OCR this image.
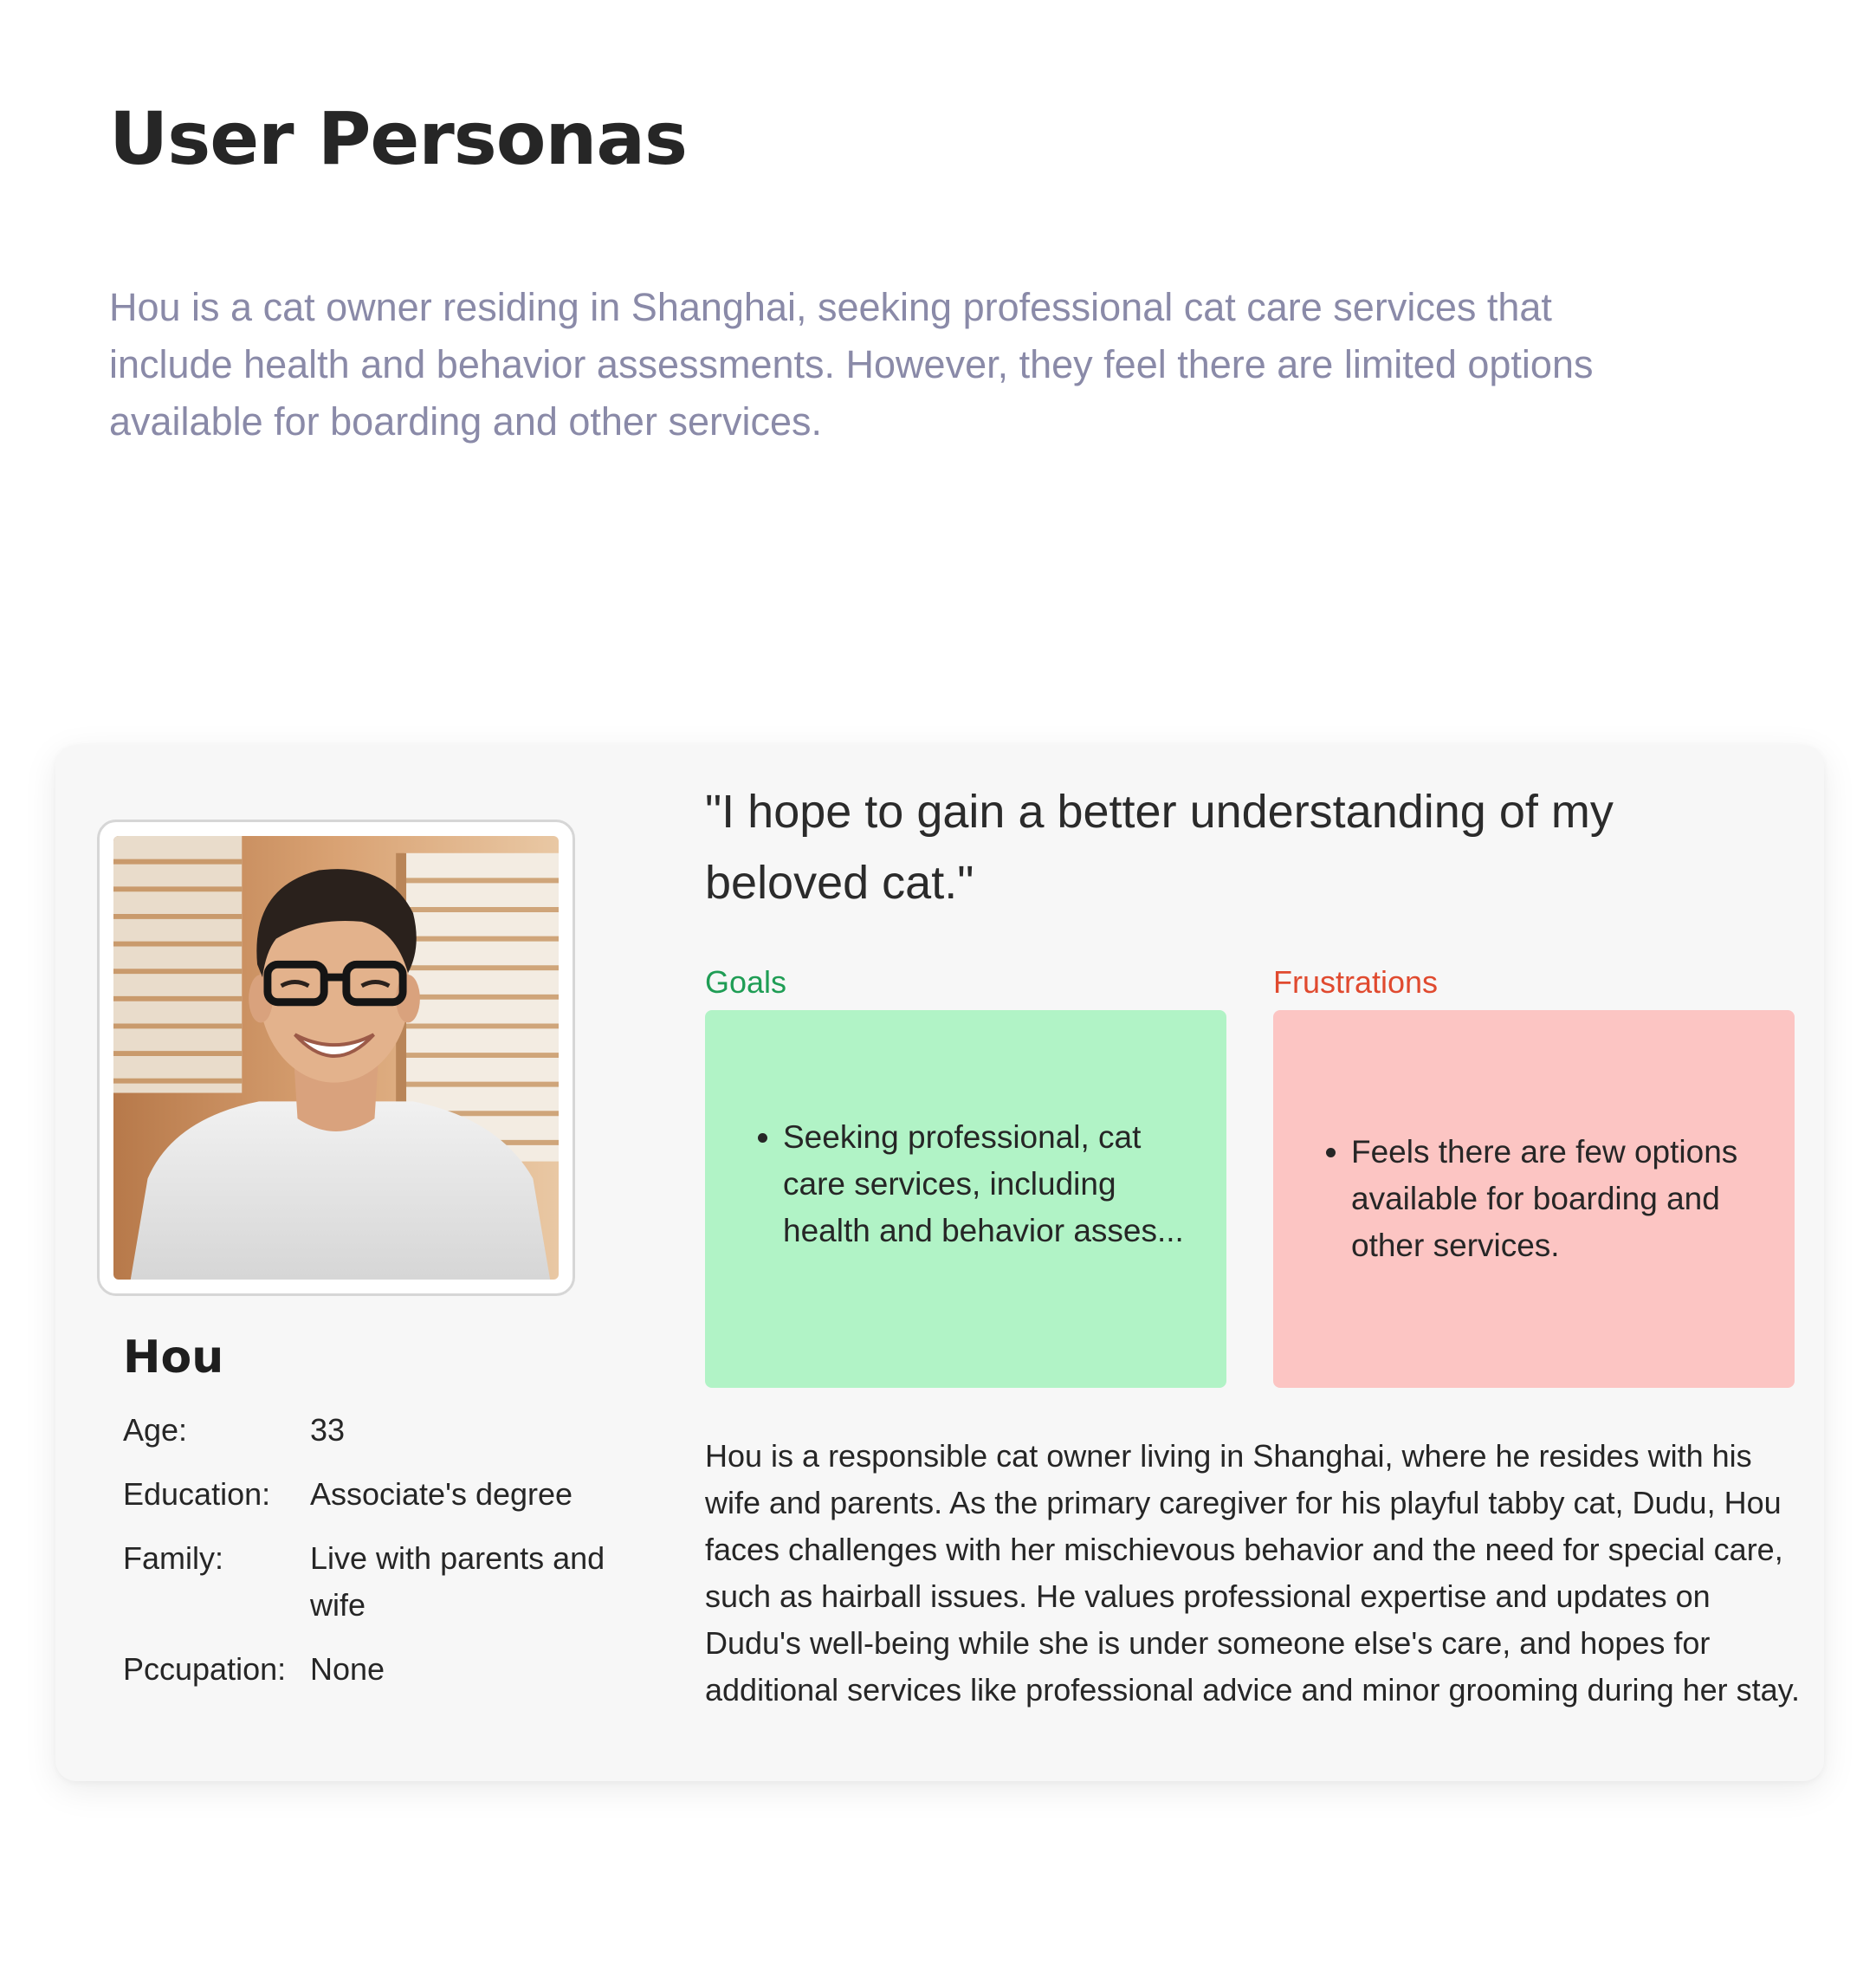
User Personas

Hou is a cat owner residing in Shanghai, seeking professional cat care services that include health and behavior assessments. However, they feel there are limited options available for boarding and other services.

Hou
Age:	33
Education:	Associate's degree
Family:	Live with parents and wife
Pccupation: None

"I hope to gain a better understanding of my beloved cat."

Goals	Frustrations

• Seeking professional, cat care services, including health and behavior asses...
• Feels there are few options available for boarding and other services.

Hou is a responsible cat owner living in Shanghai, where he resides with his wife and parents. As the primary caregiver for his playful tabby cat, Dudu, Hou faces challenges with her mischievous behavior and the need for special care, such as hairball issues. He values professional expertise and updates on Dudu's well-being while she is under someone else's care, and hopes for additional services like professional advice and minor grooming during her stay.
